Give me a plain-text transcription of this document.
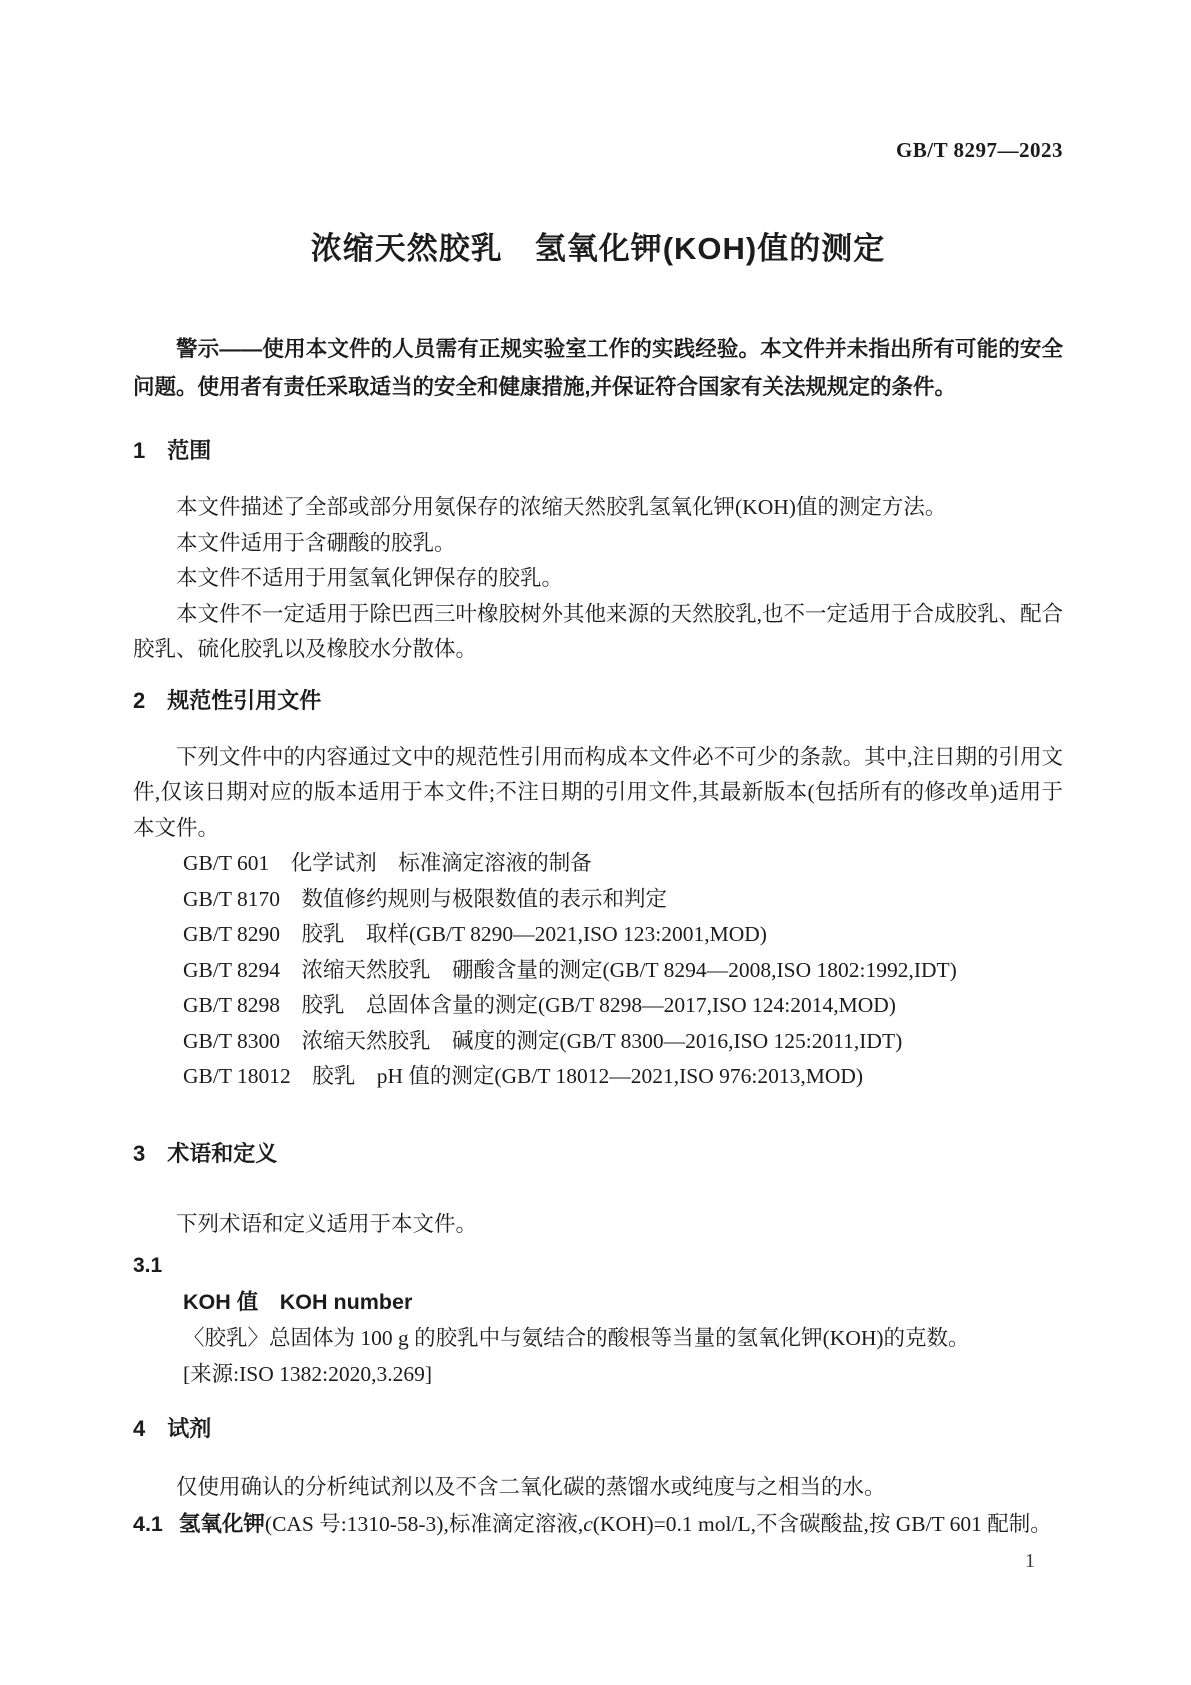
GB/T 8297—2023
浓缩天然胶乳　氢氧化钾(KOH)值的测定

警示——使用本文件的人员需有正规实验室工作的实践经验。本文件并未指出所有可能的安全问题。使用者有责任采取适当的安全和健康措施,并保证符合国家有关法规规定的条件。

1 范围

本文件描述了全部或部分用氨保存的浓缩天然胶乳氢氧化钾(KOH)值的测定方法。

本文件适用于含硼酸的胶乳。

本文件不适用于用氢氧化钾保存的胶乳。

本文件不一定适用于除巴西三叶橡胶树外其他来源的天然胶乳,也不一定适用于合成胶乳、配合胶乳、硫化胶乳以及橡胶水分散体。

2 规范性引用文件

下列文件中的内容通过文中的规范性引用而构成本文件必不可少的条款。其中,注日期的引用文件,仅该日期对应的版本适用于本文件;不注日期的引用文件,其最新版本(包括所有的修改单)适用于本文件。

GB/T 601　化学试剂　标准滴定溶液的制备
GB/T 8170　数值修约规则与极限数值的表示和判定
GB/T 8290　胶乳　取样(GB/T 8290—2021,ISO 123:2001,MOD)
GB/T 8294　浓缩天然胶乳　硼酸含量的测定(GB/T 8294—2008,ISO 1802:1992,IDT)
GB/T 8298　胶乳　总固体含量的测定(GB/T 8298—2017,ISO 124:2014,MOD)
GB/T 8300　浓缩天然胶乳　碱度的测定(GB/T 8300—2016,ISO 125:2011,IDT)
GB/T 18012　胶乳　pH 值的测定(GB/T 18012—2021,ISO 976:2013,MOD)
3 术语和定义

下列术语和定义适用于本文件。

3.1
KOH 值　KOH number
〈胶乳〉总固体为 100 g 的胶乳中与氨结合的酸根等当量的氢氧化钾(KOH)的克数。
[来源:ISO 1382:2020,3.269]
4 试剂

仅使用确认的分析纯试剂以及不含二氧化碳的蒸馏水或纯度与之相当的水。

4.1 氢氧化钾(CAS 号:1310-58-3),标准滴定溶液,c(KOH)=0.1 mol/L,不含碳酸盐,按 GB/T 601 配制。

1
